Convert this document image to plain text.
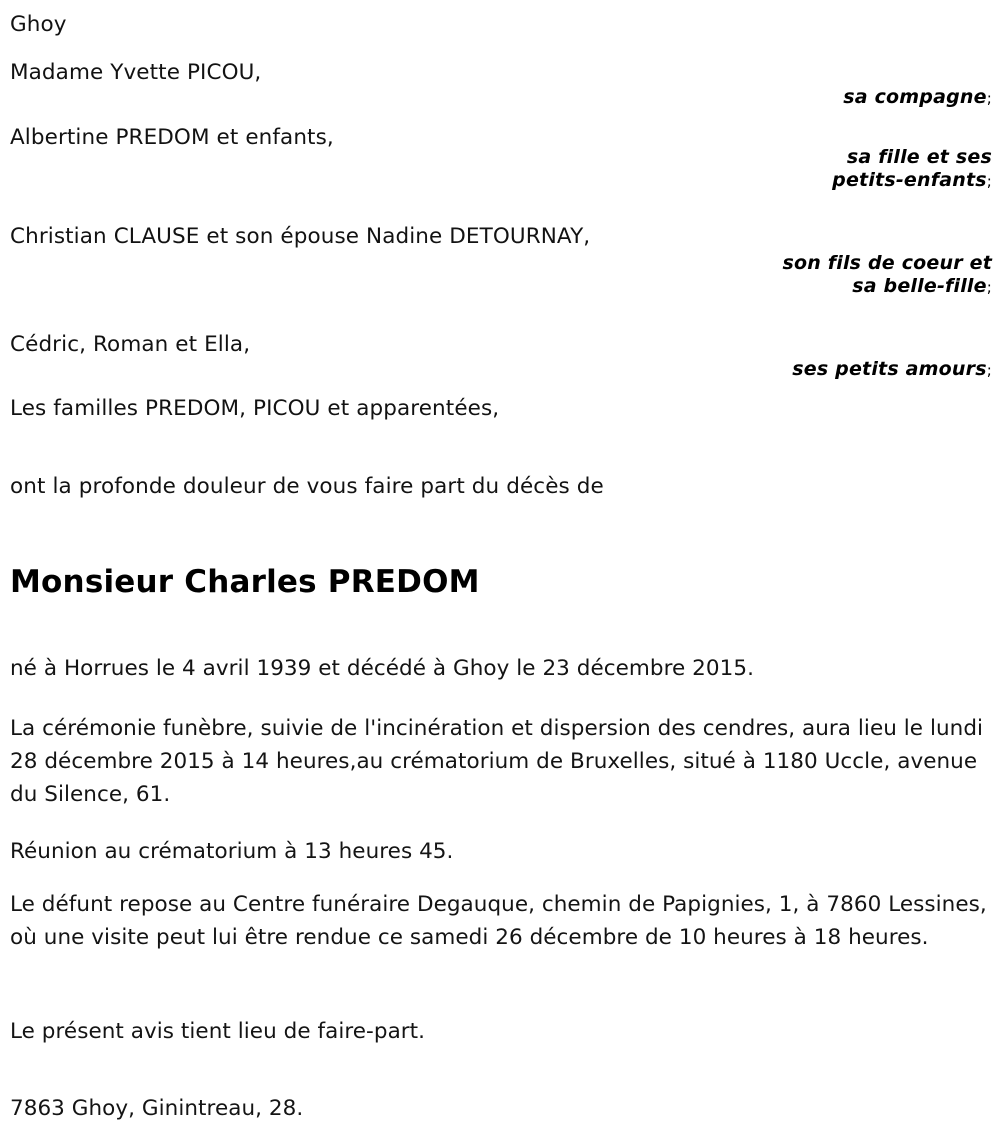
Ghoy
Madame Yvette PICOU,
sa compagne;
Albertine PREDOM et enfants,
sa fille et ses
petits-enfants;
Christian CLAUSE et son épouse Nadine DETOURNAY,
son fils de coeur et
sa belle-fille;
Cédric, Roman et Ella,
ses petits amours;
Les familles PREDOM, PICOU et apparentées,
ont la profonde douleur de vous faire part du décès de
Monsieur Charles PREDOM

né à Horrues le 4 avril 1939 et décédé à Ghoy le 23 décembre 2015.

La cérémonie funèbre, suivie de l'incinération et dispersion des cendres, aura lieu le lundi 28 décembre 2015 à 14 heures,au crématorium de Bruxelles, situé à 1180 Uccle, avenue du Silence, 61.

Réunion au crématorium à 13 heures 45.

Le défunt repose au Centre funéraire Degauque, chemin de Papignies, 1, à 7860 Lessines, où une visite peut lui être rendue ce samedi 26 décembre de 10 heures à 18 heures.

Le présent avis tient lieu de faire-part.

7863 Ghoy, Ginintreau, 28.
